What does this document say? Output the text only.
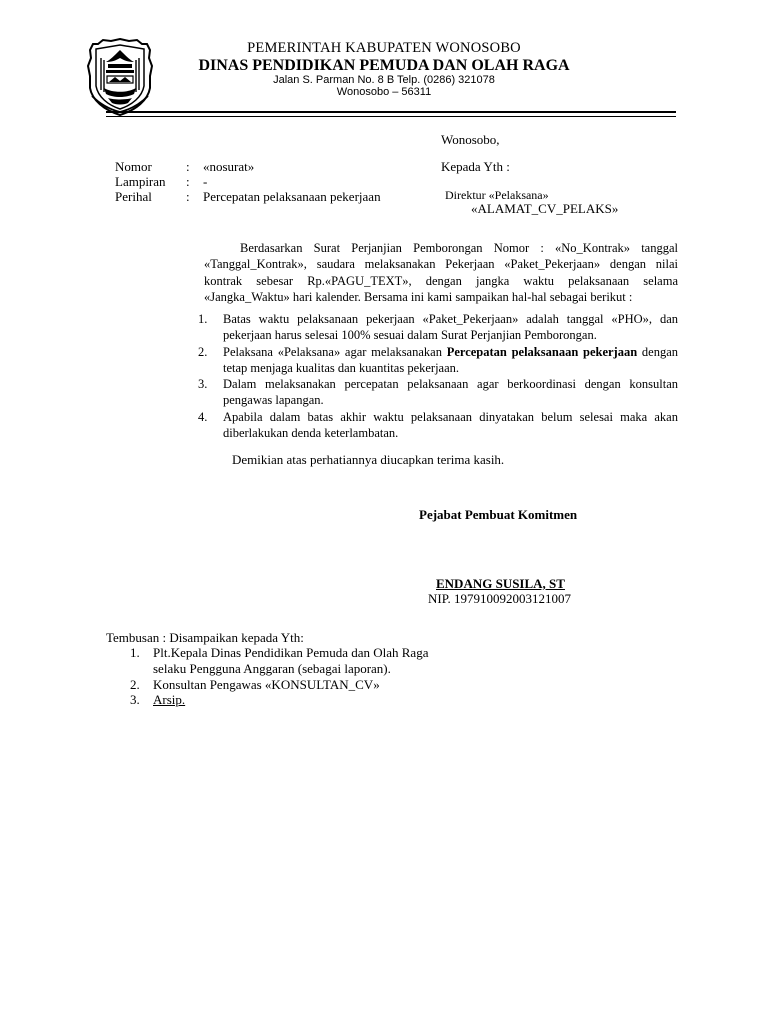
PEMERINTAH KABUPATEN WONOSOBO
DINAS PENDIDIKAN PEMUDA DAN OLAH RAGA
Jalan S. Parman No. 8 B Telp. (0286) 321078
Wonosobo – 56311
Wonosobo,
Nomor	: «nosurat»
Lampiran : -
Perihal	: Percepatan pelaksanaan pekerjaan
Kepada Yth :
Direktur «Pelaksana»
«ALAMAT_CV_PELAKS»
Berdasarkan Surat Perjanjian Pemborongan Nomor : «No_Kontrak» tanggal «Tanggal_Kontrak», saudara melaksanakan Pekerjaan «Paket_Pekerjaan» dengan nilai kontrak sebesar Rp.«PAGU_TEXT», dengan jangka waktu pelaksanaan selama «Jangka_Waktu» hari kalender. Bersama ini kami sampaikan hal-hal sebagai berikut :
1. Batas waktu pelaksanaan pekerjaan «Paket_Pekerjaan» adalah tanggal «PHO», dan pekerjaan harus selesai 100% sesuai dalam Surat Perjanjian Pemborongan.
2. Pelaksana «Pelaksana» agar melaksanakan Percepatan pelaksanaan pekerjaan dengan tetap menjaga kualitas dan kuantitas pekerjaan.
3. Dalam melaksanakan percepatan pelaksanaan agar berkoordinasi dengan konsultan pengawas lapangan.
4. Apabila dalam batas akhir waktu pelaksanaan dinyatakan belum selesai maka akan diberlakukan denda keterlambatan.
Demikian atas perhatiannya diucapkan terima kasih.
Pejabat Pembuat Komitmen
ENDANG SUSILA, ST
NIP. 197910092003121007
Tembusan : Disampaikan kepada Yth:
1. Plt.Kepala Dinas Pendidikan Pemuda dan Olah Raga
selaku Pengguna Anggaran (sebagai laporan).
2. Konsultan Pengawas «KONSULTAN_CV»
3. Arsip.
